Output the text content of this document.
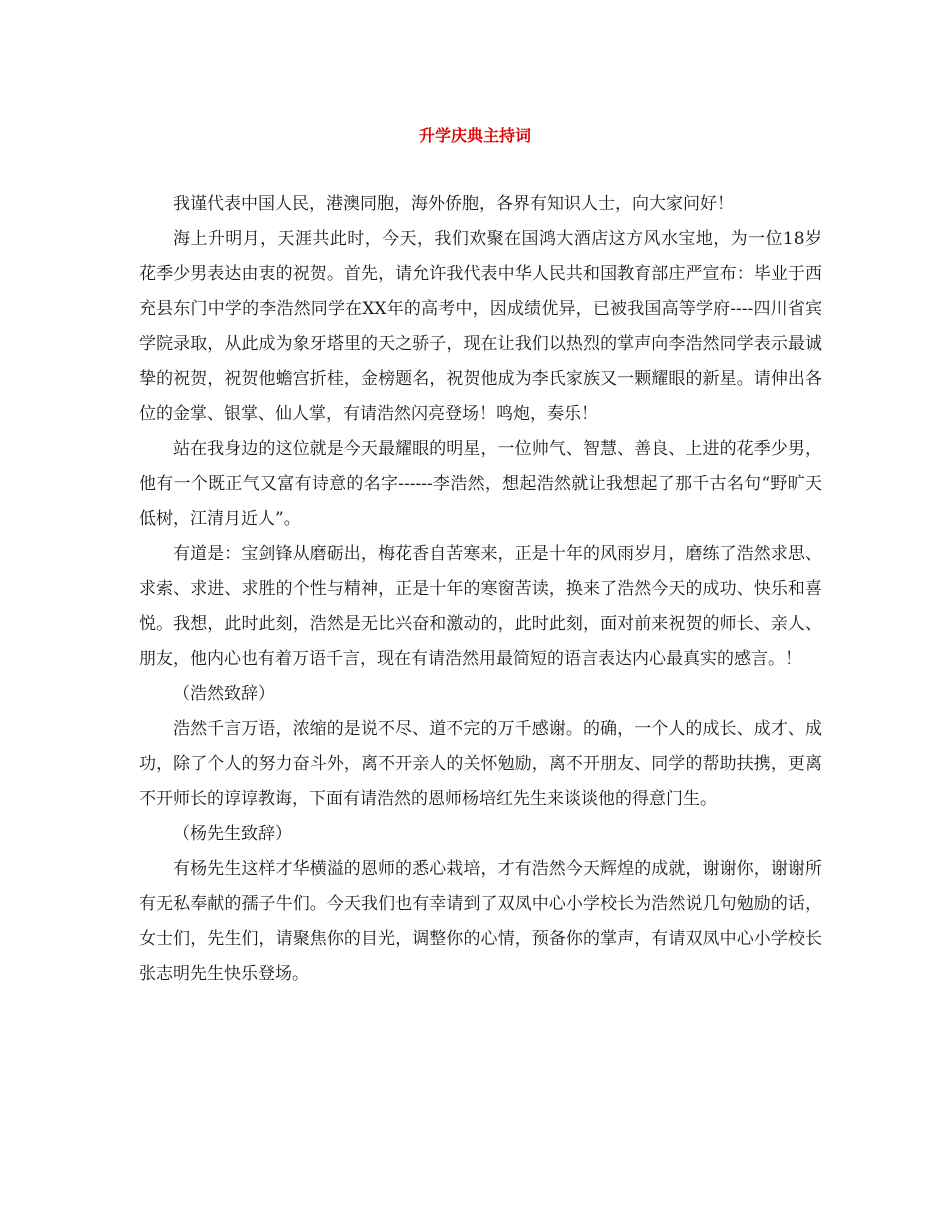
升学庆典主持词

我谨代表中国人民，港澳同胞，海外侨胞，各界有知识人士，向大家问好！

海上升明月，天涯共此时，今天，我们欢聚在国鸿大酒店这方风水宝地，为一位18岁花季少男表达由衷的祝贺。首先，请允许我代表中华人民共和国教育部庄严宣布：毕业于西充县东门中学的李浩然同学在XX年的高考中，因成绩优异，已被我国高等学府----四川省宾学院录取，从此成为象牙塔里的天之骄子，现在让我们以热烈的掌声向李浩然同学表示最诚挚的祝贺，祝贺他蟾宫折桂，金榜题名，祝贺他成为李氏家族又一颗耀眼的新星。请伸出各位的金掌、银掌、仙人掌，有请浩然闪亮登场！鸣炮，奏乐！

站在我身边的这位就是今天最耀眼的明星，一位帅气、智慧、善良、上进的花季少男，他有一个既正气又富有诗意的名字------李浩然，想起浩然就让我想起了那千古名句“野旷天低树，江清月近人”。

有道是：宝剑锋从磨砺出，梅花香自苦寒来，正是十年的风雨岁月，磨练了浩然求思、求索、求进、求胜的个性与精神，正是十年的寒窗苦读，换来了浩然今天的成功、快乐和喜悦。我想，此时此刻，浩然是无比兴奋和激动的，此时此刻，面对前来祝贺的师长、亲人、朋友，他内心也有着万语千言，现在有请浩然用最简短的语言表达内心最真实的感言。！

（浩然致辞）

浩然千言万语，浓缩的是说不尽、道不完的万千感谢。的确，一个人的成长、成才、成功，除了个人的努力奋斗外，离不开亲人的关怀勉励，离不开朋友、同学的帮助扶携，更离不开师长的谆谆教诲，下面有请浩然的恩师杨培红先生来谈谈他的得意门生。

（杨先生致辞）

有杨先生这样才华横溢的恩师的悉心栽培，才有浩然今天辉煌的成就，谢谢你，谢谢所有无私奉献的孺子牛们。今天我们也有幸请到了双凤中心小学校长为浩然说几句勉励的话，女士们，先生们，请聚焦你的目光，调整你的心情，预备你的掌声，有请双凤中心小学校长张志明先生快乐登场。
